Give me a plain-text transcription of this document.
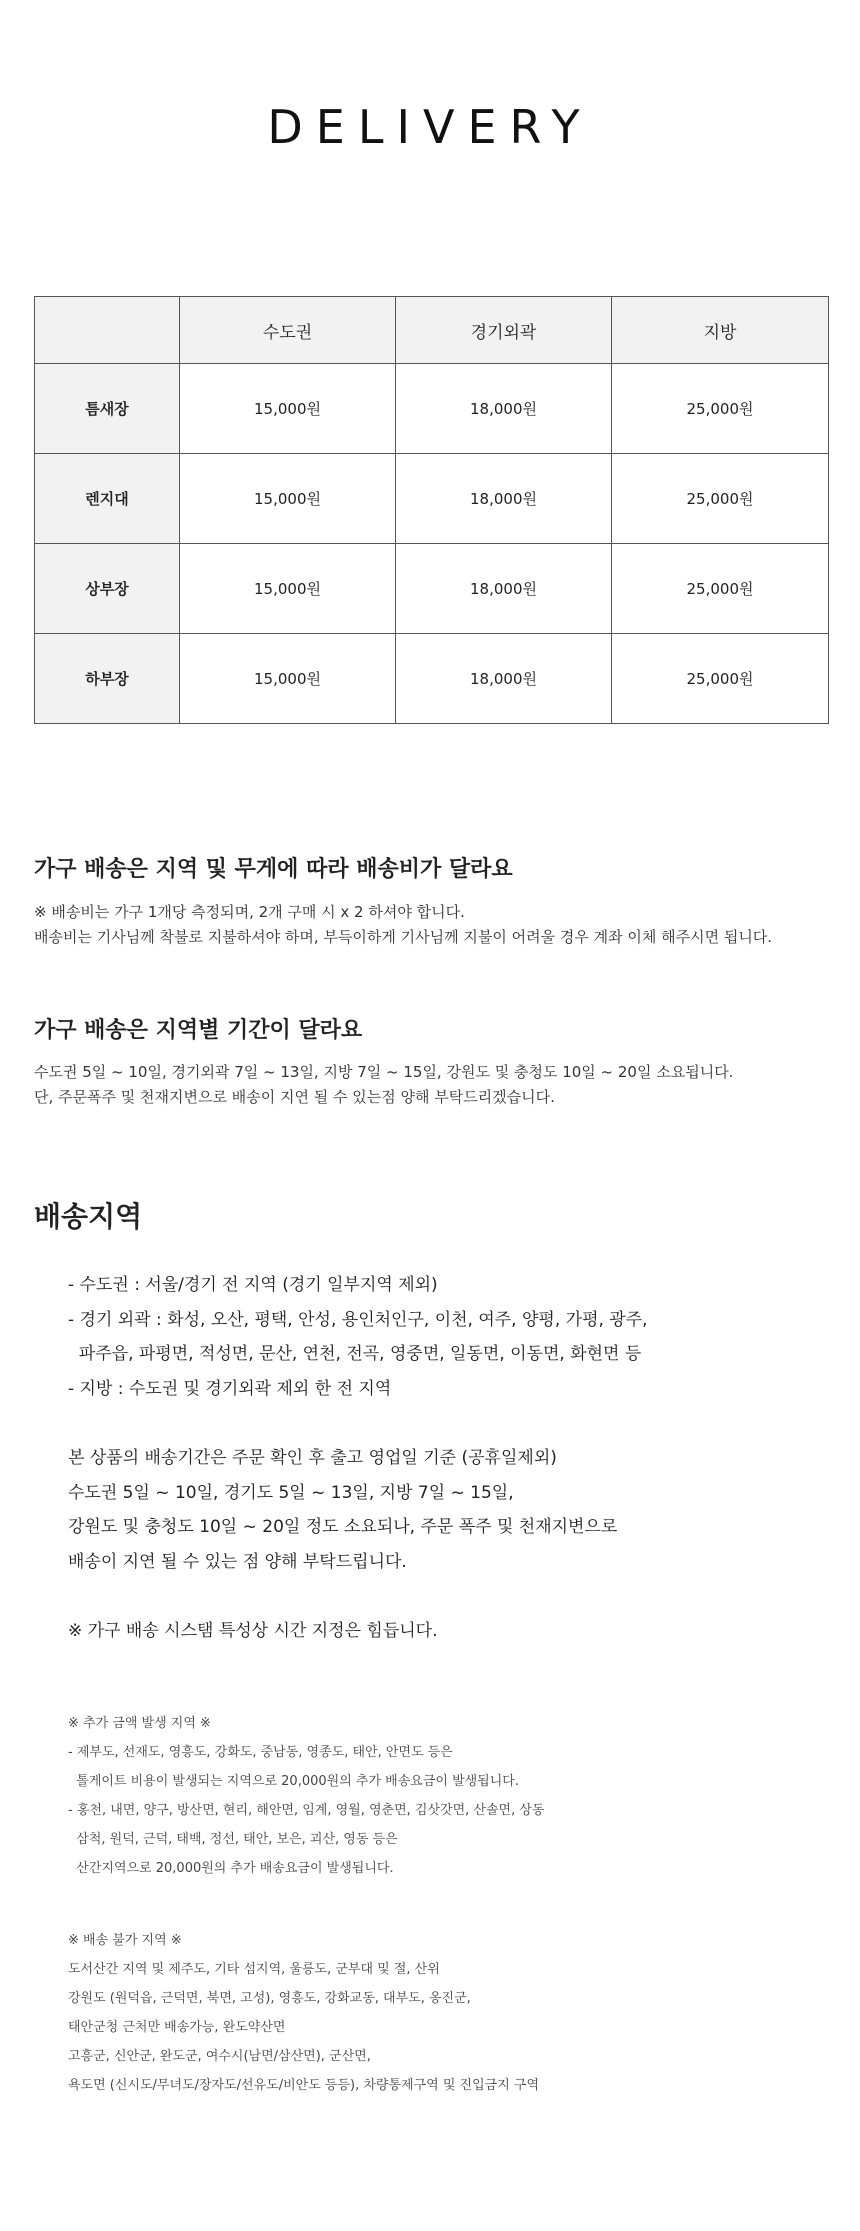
DELIVERY
	수도권	경기외곽	지방
틈새장	15,000원	18,000원	25,000원
렌지대	15,000원	18,000원	25,000원
상부장	15,000원	18,000원	25,000원
하부장	15,000원	18,000원	25,000원
가구 배송은 지역 및 무게에 따라 배송비가 달라요
※ 배송비는 가구 1개당 측정되며, 2개 구매 시 x 2 하셔야 합니다.
배송비는 기사님께 착불로 지불하셔야 하며, 부득이하게 기사님께 지불이 어려울 경우 계좌 이체 해주시면 됩니다.
가구 배송은 지역별 기간이 달라요
수도권 5일 ~ 10일, 경기외곽 7일 ~ 13일, 지방 7일 ~ 15일, 강원도 및 충청도 10일 ~ 20일 소요됩니다.
단, 주문폭주 및 천재지변으로 배송이 지연 될 수 있는점 양해 부탁드리겠습니다.
배송지역
- 수도권 : 서울/경기 전 지역 (경기 일부지역 제외)
- 경기 외곽 : 화성, 오산, 평택, 안성, 용인처인구, 이천, 여주, 양평, 가평, 광주,
파주읍, 파평면, 적성면, 문산, 연천, 전곡, 영중면, 일동면, 이동면, 화현면 등
- 지방 : 수도권 및 경기외곽 제외 한 전 지역
본 상품의 배송기간은 주문 확인 후 출고 영업일 기준 (공휴일제외)
수도권 5일 ~ 10일, 경기도 5일 ~ 13일, 지방 7일 ~ 15일,
강원도 및 충청도 10일 ~ 20일 정도 소요되나, 주문 폭주 및 천재지변으로
배송이 지연 될 수 있는 점 양해 부탁드립니다.
※ 가구 배송 시스탬 특성상 시간 지정은 힘듭니다.
※ 추가 금액 발생 지역 ※
- 제부도, 선재도, 영흥도, 강화도, 중남동, 영종도, 태안, 안면도 등은
톨게이트 비용이 발생되는 지역으로 20,000원의 추가 배송요금이 발생됩니다.
- 홍천, 내면, 양구, 방산면, 현리, 해안면, 임계, 영월, 영춘면, 김삿갓면, 산솔면, 상동
삼척, 원덕, 근덕, 태백, 정선, 태안, 보은, 괴산, 영동 등은
산간지역으로 20,000원의 추가 배송요금이 발생됩니다.
※ 배송 불가 지역 ※
도서산간 지역 및 제주도, 기타 섬지역, 울릉도, 군부대 및 절, 산위
강원도 (원덕읍, 근덕면, 북면, 고성), 영흥도, 강화교동, 대부도, 옹진군,
태안군청 근처만 배송가능, 완도약산면
고흥군, 신안군, 완도군, 여수시(남면/삼산면), 군산면,
욕도면 (신시도/무녀도/장자도/선유도/비안도 등등), 차량통제구역 및 진입금지 구역
